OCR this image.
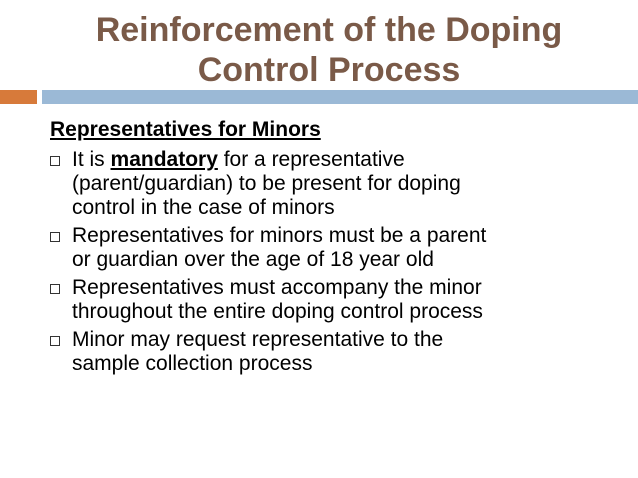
Reinforcement of the Doping
Control Process
Representatives for Minors
It is mandatory for a representative
(parent/guardian) to be present for doping
control in the case of minors
Representatives for minors must be a parent
or guardian over the age of 18 year old
Representatives must accompany the minor
throughout the entire doping control process
Minor may request representative to the
sample collection process
